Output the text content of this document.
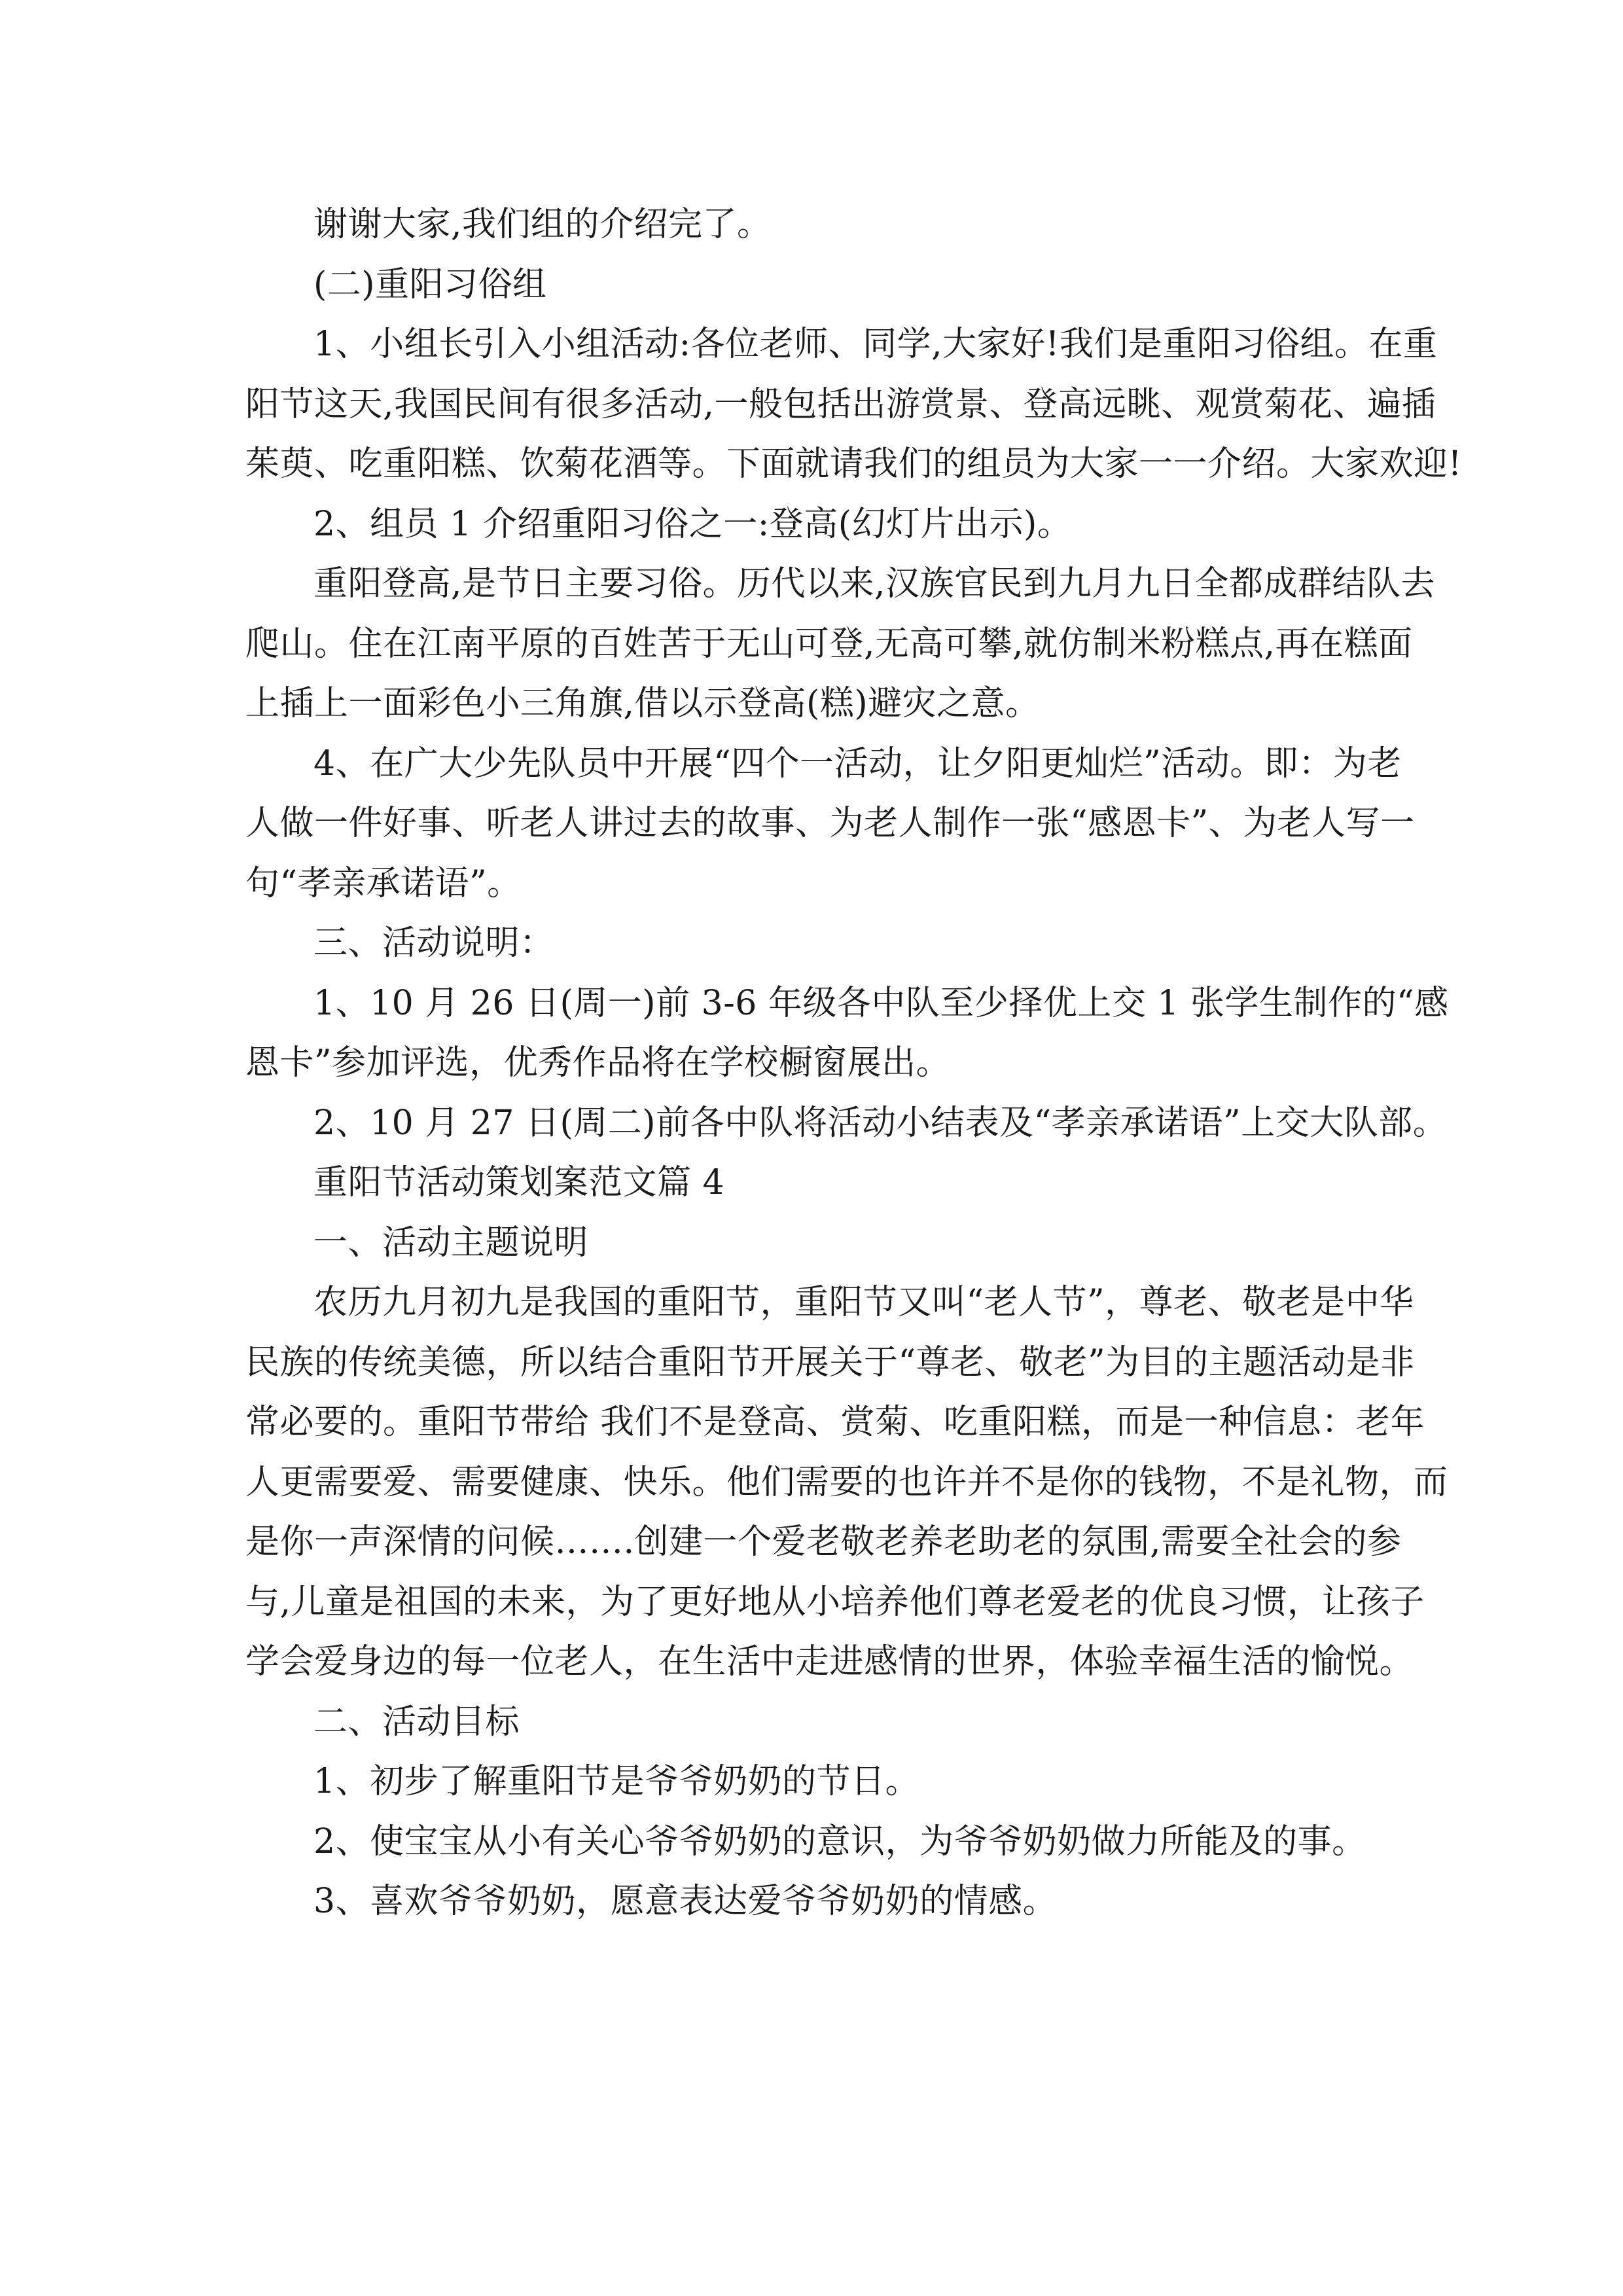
谢谢大家,我们组的介绍完了。
(二)重阳习俗组
1、小组长引入小组活动:各位老师、同学,大家好!我们是重阳习俗组。在重
阳节这天,我国民间有很多活动,一般包括出游赏景、登高远眺、观赏菊花、遍插
茱萸、吃重阳糕、饮菊花酒等。下面就请我们的组员为大家一一介绍。大家欢迎!
2、组员 1 介绍重阳习俗之一:登高(幻灯片出示)。
重阳登高,是节日主要习俗。历代以来,汉族官民到九月九日全都成群结队去
爬山。住在江南平原的百姓苦于无山可登,无高可攀,就仿制米粉糕点,再在糕面
上插上一面彩色小三角旗,借以示登高(糕)避灾之意。
4、在广大少先队员中开展“四个一活动，让夕阳更灿烂”活动。即：为老
人做一件好事、听老人讲过去的故事、为老人制作一张“感恩卡”、为老人写一
句“孝亲承诺语”。
三、活动说明：
1、10 月 26 日(周一)前 3-6 年级各中队至少择优上交 1 张学生制作的“感
恩卡”参加评选，优秀作品将在学校橱窗展出。
2、10 月 27 日(周二)前各中队将活动小结表及“孝亲承诺语”上交大队部。
重阳节活动策划案范文篇 4
一、活动主题说明
农历九月初九是我国的重阳节，重阳节又叫“老人节”，尊老、敬老是中华
民族的传统美德，所以结合重阳节开展关于“尊老、敬老”为目的主题活动是非
常必要的。重阳节带给 我们不是登高、赏菊、吃重阳糕，而是一种信息：老年
人更需要爱、需要健康、快乐。他们需要的也许并不是你的钱物，不是礼物，而
是你一声深情的问候…….创建一个爱老敬老养老助老的氛围,需要全社会的参
与,儿童是祖国的未来，为了更好地从小培养他们尊老爱老的优良习惯，让孩子
学会爱身边的每一位老人，在生活中走进感情的世界，体验幸福生活的愉悦。
二、活动目标
1、初步了解重阳节是爷爷奶奶的节日。
2、使宝宝从小有关心爷爷奶奶的意识，为爷爷奶奶做力所能及的事。
3、喜欢爷爷奶奶，愿意表达爱爷爷奶奶的情感。
